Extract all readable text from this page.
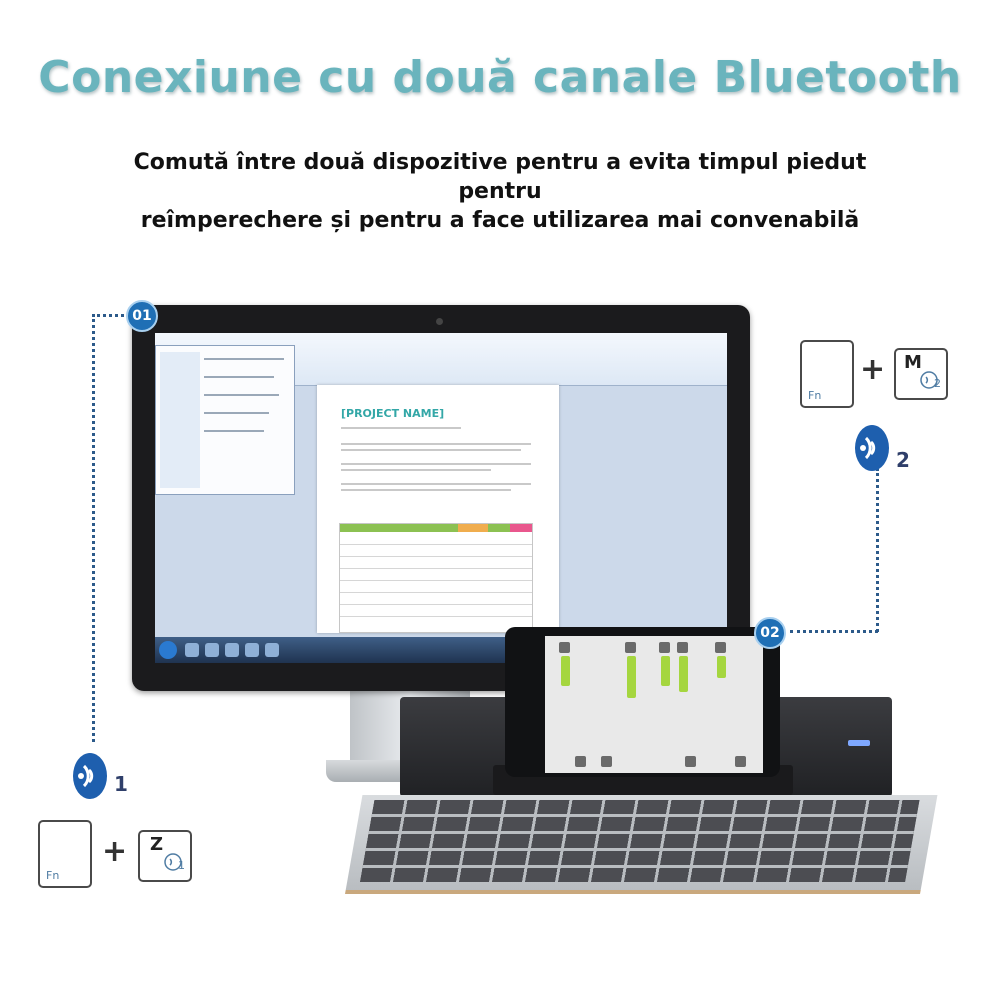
Conexiune cu două canale Bluetooth
Comută între două dispozitive pentru a evita timpul piedut pentru
reîmperechere și pentru a face utilizarea mai convenabilă
[PROJECT NAME]
01
02
1
Fn
+ Z
1
Fn
+ M
2
2
